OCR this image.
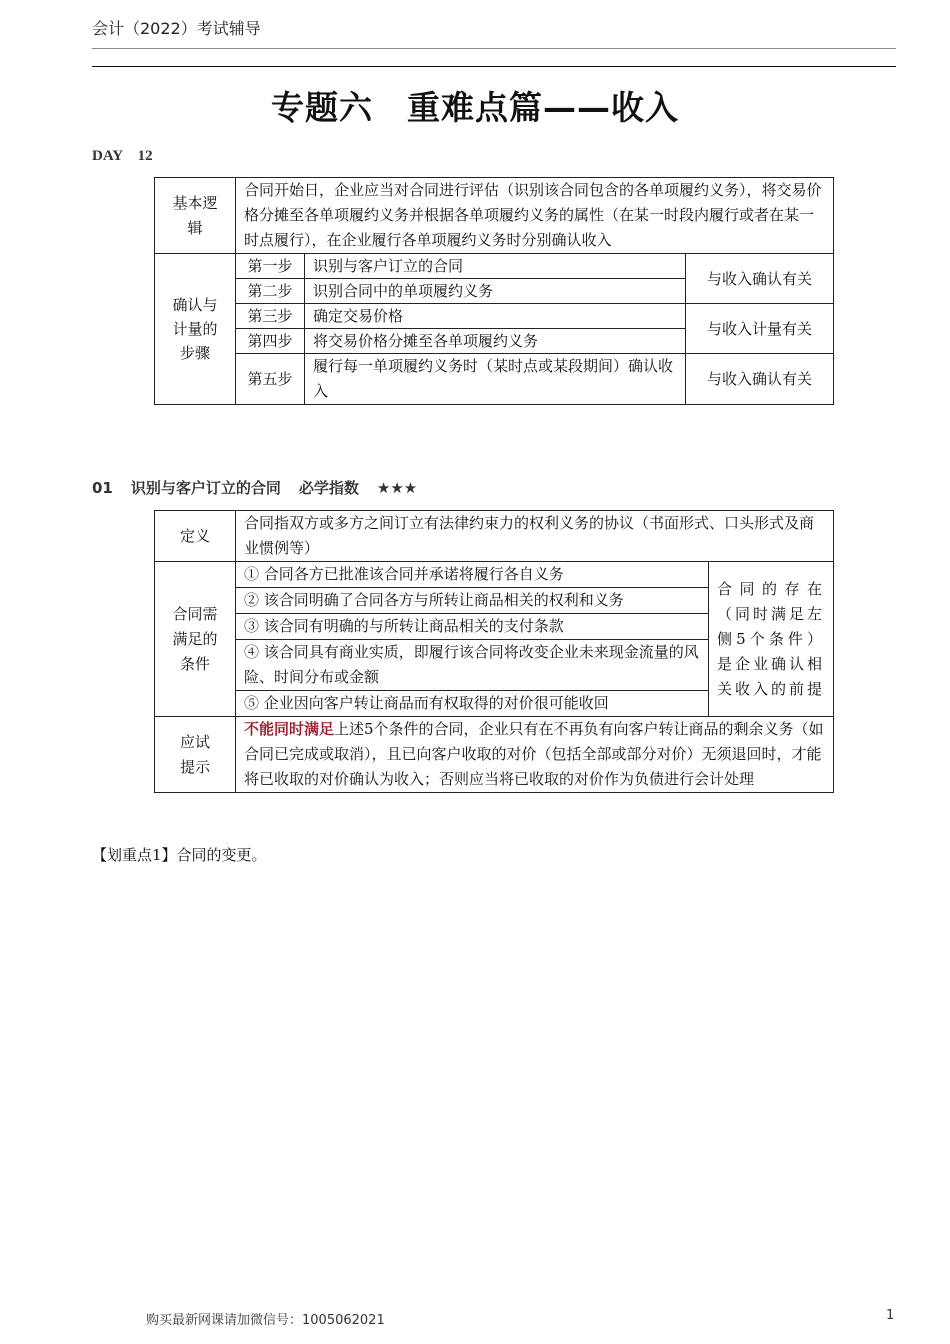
会计（2022）考试辅导
专题六　重难点篇——收入
DAY　12
基本逻辑	合同开始日，企业应当对合同进行评估（识别该合同包含的各单项履约义务），将交易价格分摊至各单项履约义务并根据各单项履约义务的属性（在某一时段内履行或者在某一时点履行），在企业履行各单项履约义务时分别确认收入		
确认与计量的步骤	第一步	识别与客户订立的合同	与收入确认有关
	第二步	识别合同中的单项履约义务	
	第三步	确定交易价格	与收入计量有关
	第四步	将交易价格分摊至各单项履约义务	
	第五步	履行每一单项履约义务时（某时点或某段期间）确认收入	与收入确认有关
01 识别与客户订立的合同 必学指数 ★★★
定义	合同指双方或多方之间订立有法律约束力的权利义务的协议（书面形式、口头形式及商业惯例等）	
合同需满足的条件	① 合同各方已批准该合同并承诺将履行各自义务	合同的存在（同时满足左侧5个条件）是企业确认相关收入的前提
	② 该合同明确了合同各方与所转让商品相关的权利和义务	
	③ 该合同有明确的与所转让商品相关的支付条款	
	④ 该合同具有商业实质，即履行该合同将改变企业未来现金流量的风险、时间分布或金额	
	⑤ 企业因向客户转让商品而有权取得的对价很可能收回	
应试提示	不能同时满足上述5个条件的合同，企业只有在不再负有向客户转让商品的剩余义务（如合同已完成或取消），且已向客户收取的对价（包括全部或部分对价）无须退回时，才能将已收取的对价确认为收入；否则应当将已收取的对价作为负债进行会计处理	
【划重点1】合同的变更。
购买最新网课请加微信号：1005062021	1
